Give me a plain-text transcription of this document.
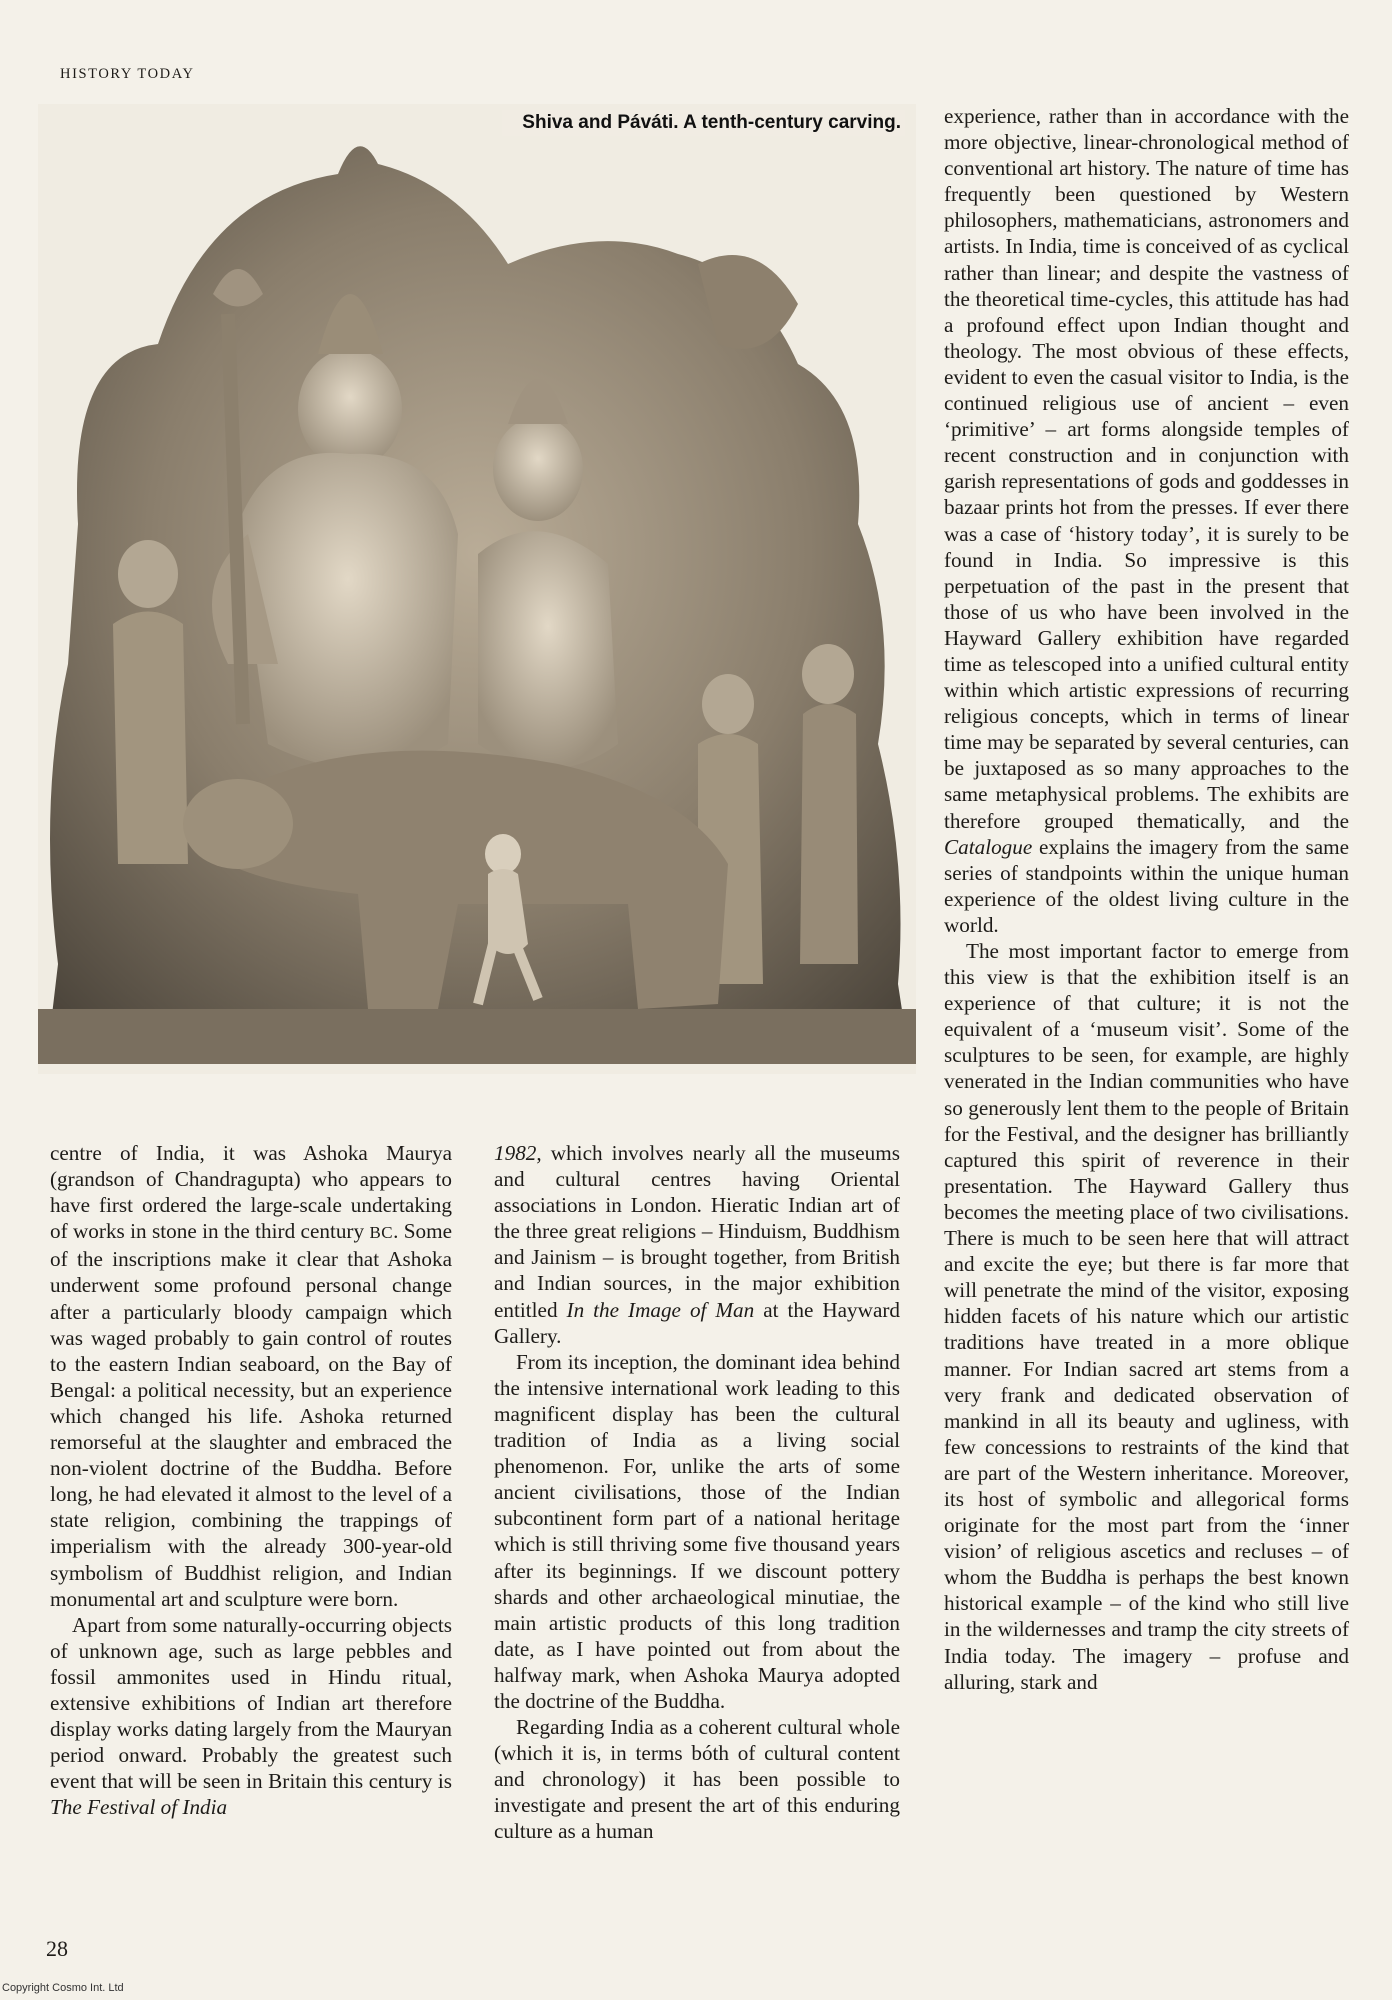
HISTORY TODAY
Shiva and Páváti. A tenth-century carving.

centre of India, it was Ashoka Maurya (grandson of Chandragupta) who appears to have first ordered the large-scale undertaking of works in stone in the third century BC. Some of the inscriptions make it clear that Ashoka underwent some profound personal change after a particularly bloody campaign which was waged probably to gain control of routes to the eastern Indian seaboard, on the Bay of Bengal: a political necessity, but an experience which changed his life. Ashoka returned remorseful at the slaughter and embraced the non-violent doctrine of the Buddha. Before long, he had elevated it almost to the level of a state religion, combining the trappings of imperialism with the already 300-year-old symbolism of Buddhist religion, and Indian monumental art and sculpture were born.

Apart from some naturally-occurring objects of unknown age, such as large pebbles and fossil ammonites used in Hindu ritual, extensive exhibitions of Indian art therefore display works dating largely from the Mauryan period onward. Probably the greatest such event that will be seen in Britain this century is The Festival of India

1982, which involves nearly all the museums and cultural centres having Oriental associations in London. Hieratic Indian art of the three great religions – Hinduism, Buddhism and Jainism – is brought together, from British and Indian sources, in the major exhibition entitled In the Image of Man at the Hayward Gallery.

From its inception, the dominant idea behind the intensive international work leading to this magnificent display has been the cultural tradition of India as a living social phenomenon. For, unlike the arts of some ancient civilisations, those of the Indian subcontinent form part of a national heritage which is still thriving some five thousand years after its beginnings. If we discount pottery shards and other archaeological minutiae, the main artistic products of this long tradition date, as I have pointed out from about the halfway mark, when Ashoka Maurya adopted the doctrine of the Buddha.

Regarding India as a coherent cultural whole (which it is, in terms bóth of cultural content and chronology) it has been possible to investigate and present the art of this enduring culture as a human

experience, rather than in accordance with the more objective, linear-chronological method of conventional art history. The nature of time has frequently been questioned by Western philosophers, mathematicians, astronomers and artists. In India, time is conceived of as cyclical rather than linear; and despite the vastness of the theoretical time-cycles, this attitude has had a profound effect upon Indian thought and theology. The most obvious of these effects, evident to even the casual visitor to India, is the continued religious use of ancient – even ‘primitive’ – art forms alongside temples of recent construction and in conjunction with garish representations of gods and goddesses in bazaar prints hot from the presses. If ever there was a case of ‘history today’, it is surely to be found in India. So impressive is this perpetuation of the past in the present that those of us who have been involved in the Hayward Gallery exhibition have regarded time as telescoped into a unified cultural entity within which artistic expressions of recurring religious concepts, which in terms of linear time may be separated by several centuries, can be juxtaposed as so many approaches to the same metaphysical problems. The exhibits are therefore grouped thematically, and the Catalogue explains the imagery from the same series of standpoints within the unique human experience of the oldest living culture in the world.

The most important factor to emerge from this view is that the exhibition itself is an experience of that culture; it is not the equivalent of a ‘museum visit’. Some of the sculptures to be seen, for example, are highly venerated in the Indian communities who have so generously lent them to the people of Britain for the Festival, and the designer has brilliantly captured this spirit of reverence in their presentation. The Hayward Gallery thus becomes the meeting place of two civilisations. There is much to be seen here that will attract and excite the eye; but there is far more that will penetrate the mind of the visitor, exposing hidden facets of his nature which our artistic traditions have treated in a more oblique manner. For Indian sacred art stems from a very frank and dedicated observation of mankind in all its beauty and ugliness, with few concessions to restraints of the kind that are part of the Western inheritance. Moreover, its host of symbolic and allegorical forms originate for the most part from the ‘inner vision’ of religious ascetics and recluses – of whom the Buddha is perhaps the best known historical example – of the kind who still live in the wildernesses and tramp the city streets of India today. The imagery – profuse and alluring, stark and

28
Copyright Cosmo Int. Ltd
